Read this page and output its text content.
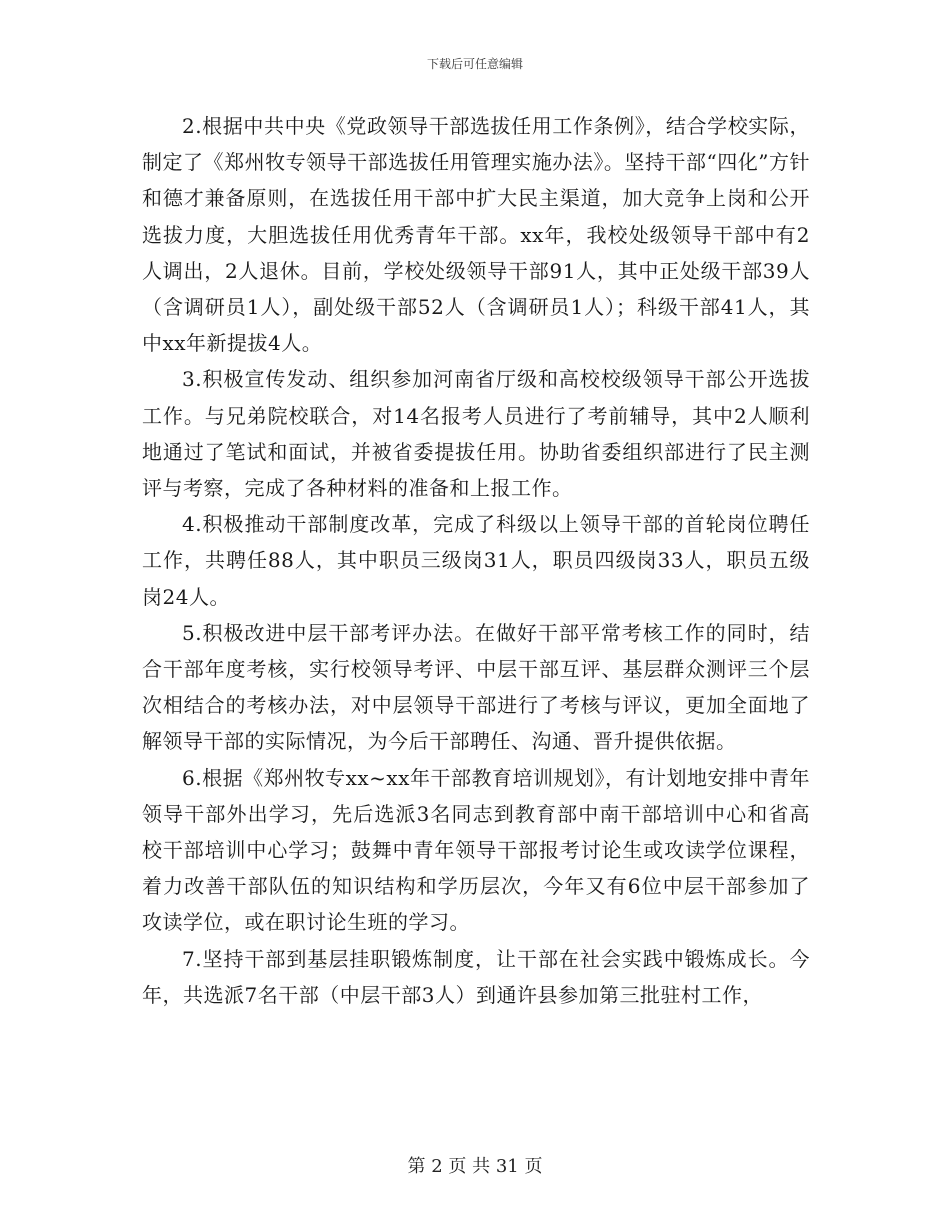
下载后可任意编辑

2.根据中共中央《党政领导干部选拔任用工作条例》，结合学校实际，制定了《郑州牧专领导干部选拔任用管理实施办法》。坚持干部“四化”方针和德才兼备原则，在选拔任用干部中扩大民主渠道，加大竞争上岗和公开选拔力度，大胆选拔任用优秀青年干部。xx年，我校处级领导干部中有2人调出，2人退休。目前，学校处级领导干部91人，其中正处级干部39人（含调研员1人），副处级干部52人（含调研员1人）；科级干部41人，其中xx年新提拔4人。

3.积极宣传发动、组织参加河南省厅级和高校校级领导干部公开选拔工作。与兄弟院校联合，对14名报考人员进行了考前辅导，其中2人顺利地通过了笔试和面试，并被省委提拔任用。协助省委组织部进行了民主测评与考察，完成了各种材料的准备和上报工作。

4.积极推动干部制度改革，完成了科级以上领导干部的首轮岗位聘任工作，共聘任88人，其中职员三级岗31人，职员四级岗33人，职员五级岗24人。

5.积极改进中层干部考评办法。在做好干部平常考核工作的同时，结合干部年度考核，实行校领导考评、中层干部互评、基层群众测评三个层次相结合的考核办法，对中层领导干部进行了考核与评议，更加全面地了解领导干部的实际情况，为今后干部聘任、沟通、晋升提供依据。

6.根据《郑州牧专xx~xx年干部教育培训规划》，有计划地安排中青年领导干部外出学习，先后选派3名同志到教育部中南干部培训中心和省高校干部培训中心学习；鼓舞中青年领导干部报考讨论生或攻读学位课程，着力改善干部队伍的知识结构和学历层次，今年又有6位中层干部参加了攻读学位，或在职讨论生班的学习。

7.坚持干部到基层挂职锻炼制度，让干部在社会实践中锻炼成长。今年，共选派7名干部（中层干部3人）到通许县参加第三批驻村工作，

第 2 页 共 31 页
